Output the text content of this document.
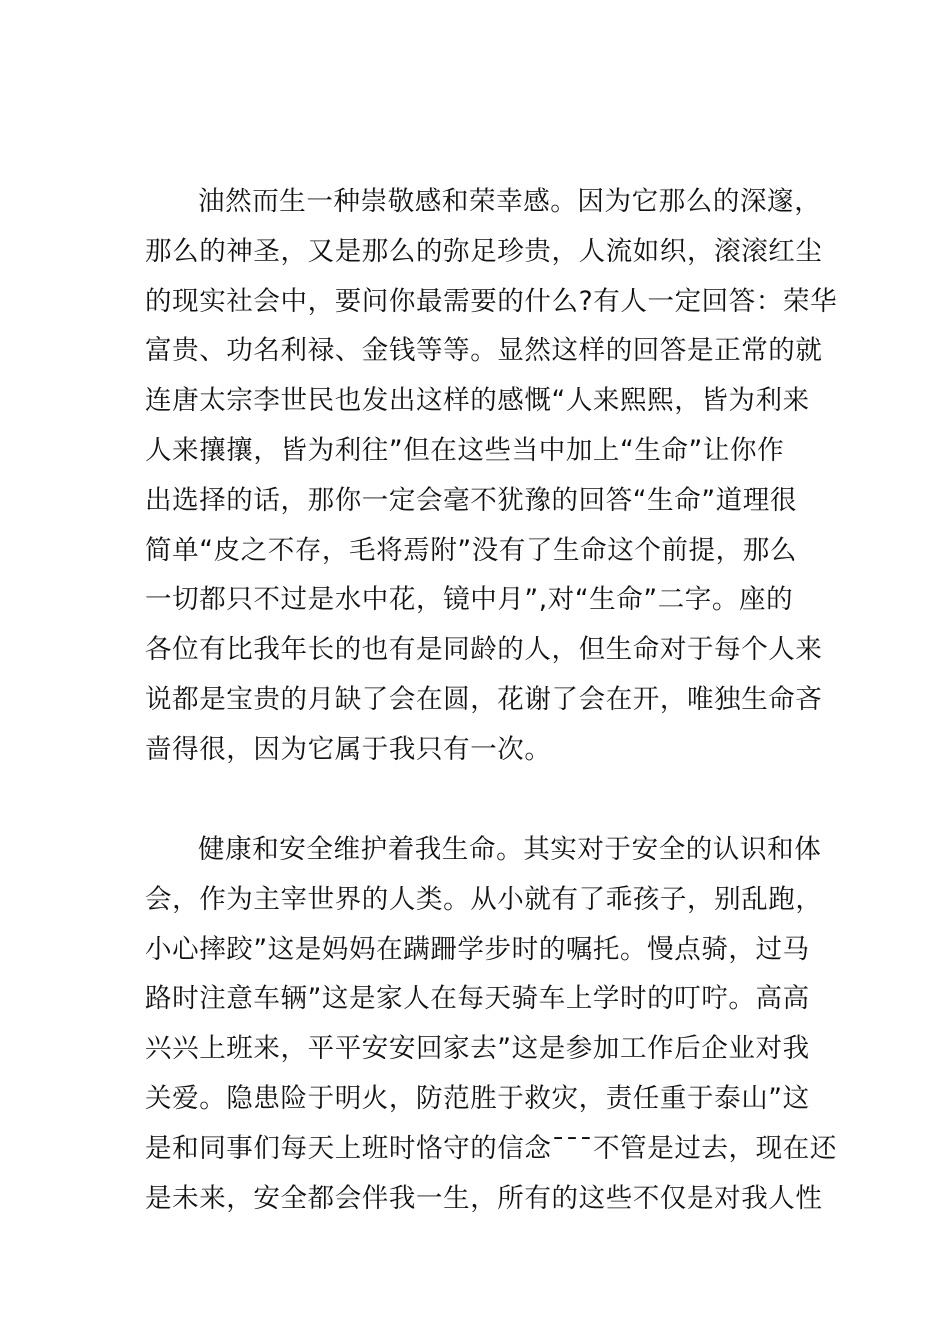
油然而生一种崇敬感和荣幸感。因为它那么的深邃，
那么的神圣，又是那么的弥足珍贵，人流如织，滚滚红尘
的现实社会中，要问你最需要的什么?有人一定回答：荣华
富贵、功名利禄、金钱等等。显然这样的回答是正常的就
连唐太宗李世民也发出这样的感慨“人来熙熙，皆为利来
人来攘攘，皆为利往”但在这些当中加上“生命”让你作
出选择的话，那你一定会毫不犹豫的回答“生命”道理很
简单“皮之不存，毛将焉附”没有了生命这个前提，那么
一切都只不过是水中花，镜中月”,对“生命”二字。座的
各位有比我年长的也有是同龄的人，但生命对于每个人来
说都是宝贵的月缺了会在圆，花谢了会在开，唯独生命吝
啬得很，因为它属于我只有一次。
健康和安全维护着我生命。其实对于安全的认识和体
会，作为主宰世界的人类。从小就有了乖孩子，别乱跑，
小心摔跤”这是妈妈在蹒跚学步时的嘱托。慢点骑，过马
路时注意车辆”这是家人在每天骑车上学时的叮咛。高高
兴兴上班来，平平安安回家去”这是参加工作后企业对我
关爱。隐患险于明火，防范胜于救灾，责任重于泰山”这
是和同事们每天上班时恪守的信念¯¯¯不管是过去，现在还
是未来，安全都会伴我一生，所有的这些不仅是对我人性
